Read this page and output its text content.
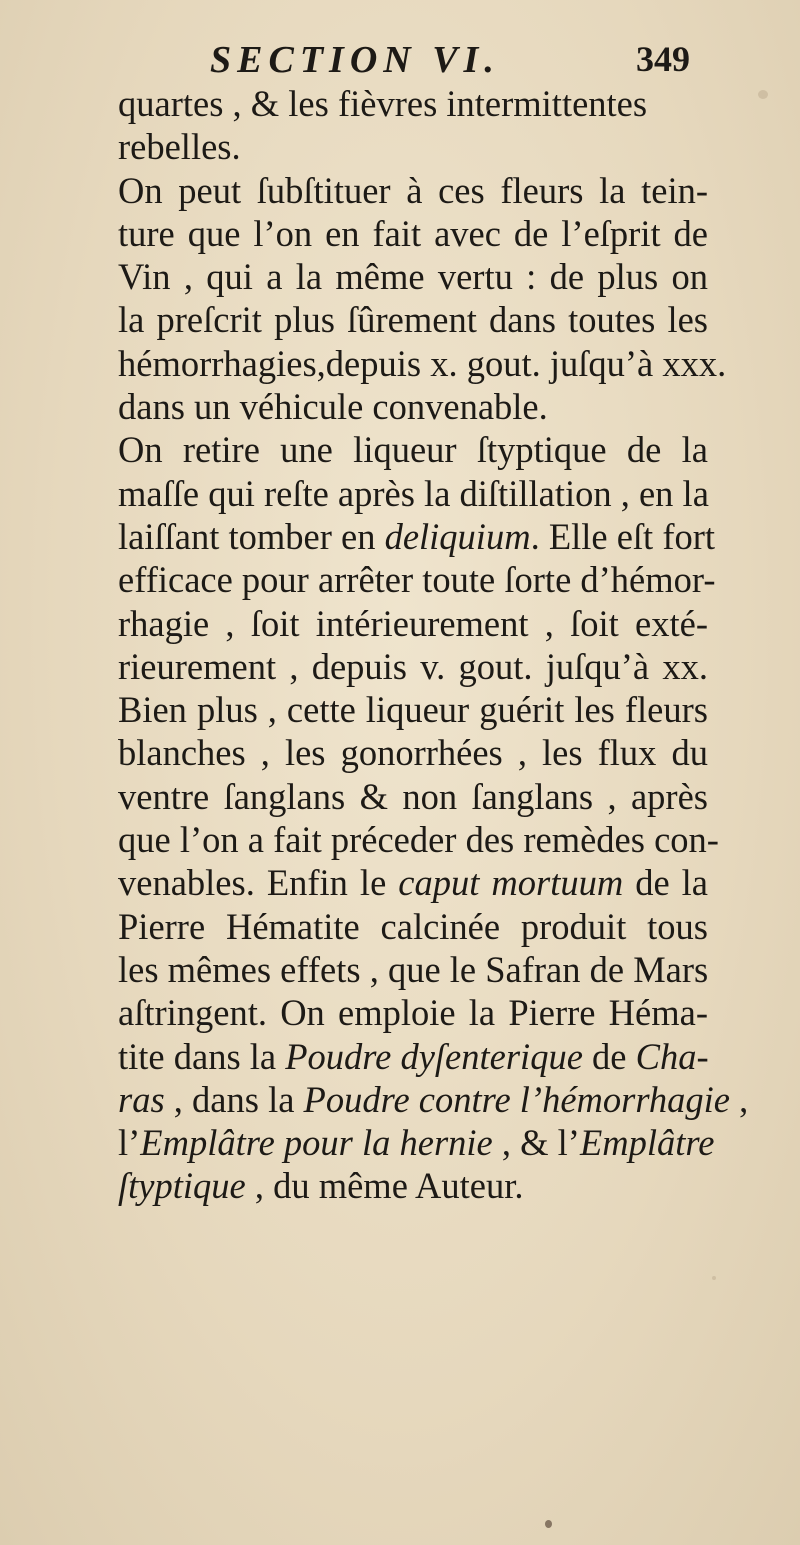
SECTION VI.	349
quartes , & les fièvres intermittentes
rebelles.
On peut ſubſtituer à ces fleurs la tein-
ture que l’on en fait avec de l’eſprit de
Vin , qui a la même vertu : de plus on
la preſcrit plus ſûrement dans toutes les
hémorrhagies,depuis x. gout. juſqu’à xxx.
dans un véhicule convenable.
On retire une liqueur ſtyptique de la
maſſe qui reſte après la diſtillation , en la
laiſſant tomber en deliquium. Elle eſt fort
efficace pour arrêter toute ſorte d’hémor-
rhagie , ſoit intérieurement , ſoit exté-
rieurement , depuis v. gout. juſqu’à xx.
Bien plus , cette liqueur guérit les fleurs
blanches , les gonorrhées , les flux du
ventre ſanglans & non ſanglans , après
que l’on a fait préceder des remèdes con-
venables. Enfin le caput mortuum de la
Pierre Hématite calcinée produit tous
les mêmes effets , que le Safran de Mars
aſtringent. On emploie la Pierre Héma-
tite dans la Poudre dyſenterique de Cha-
ras , dans la Poudre contre l’hémorrhagie ,
l’Emplâtre pour la hernie , & l’Emplâtre
ſtyptique , du même Auteur.
